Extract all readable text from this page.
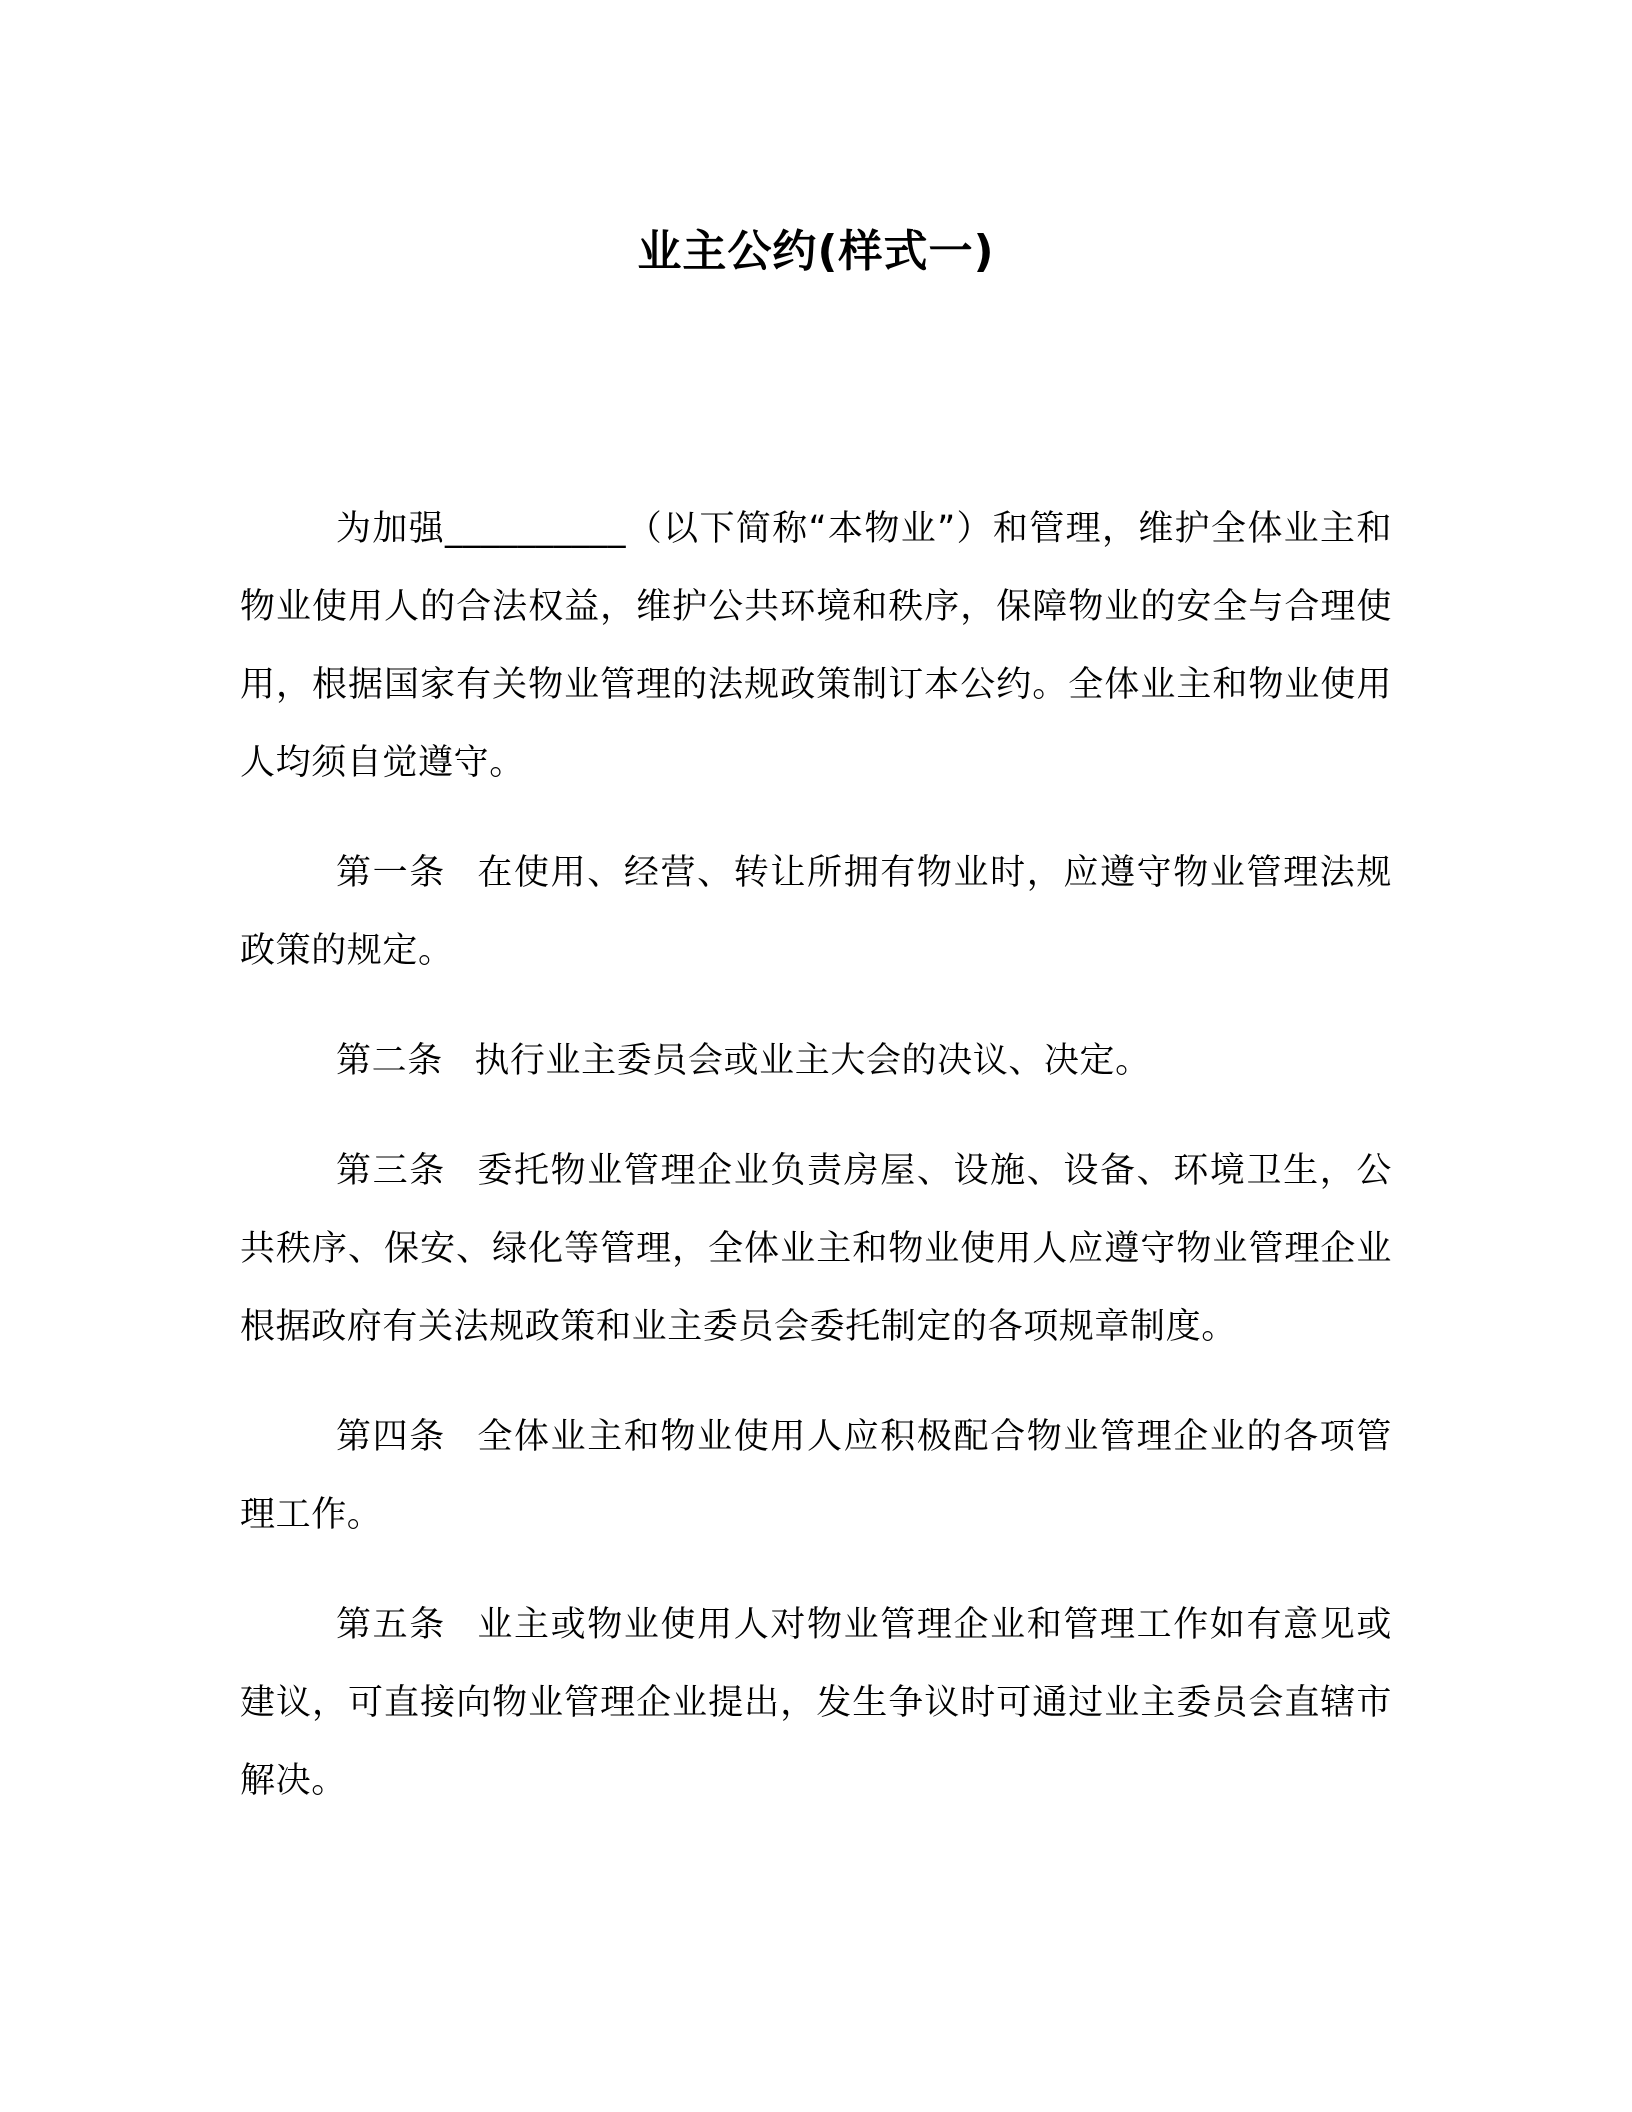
业主公约(样式一)

为加强__________（以下简称“本物业”）和管理，维护全体业主和物业使用人的合法权益，维护公共环境和秩序，保障物业的安全与合理使用，根据国家有关物业管理的法规政策制订本公约。全体业主和物业使用人均须自觉遵守。

第一条 在使用、经营、转让所拥有物业时，应遵守物业管理法规政策的规定。

第二条 执行业主委员会或业主大会的决议、决定。

第三条 委托物业管理企业负责房屋、设施、设备、环境卫生，公共秩序、保安、绿化等管理，全体业主和物业使用人应遵守物业管理企业根据政府有关法规政策和业主委员会委托制定的各项规章制度。

第四条 全体业主和物业使用人应积极配合物业管理企业的各项管理工作。

第五条 业主或物业使用人对物业管理企业和管理工作如有意见或建议，可直接向物业管理企业提出，发生争议时可通过业主委员会直辖市解决。
